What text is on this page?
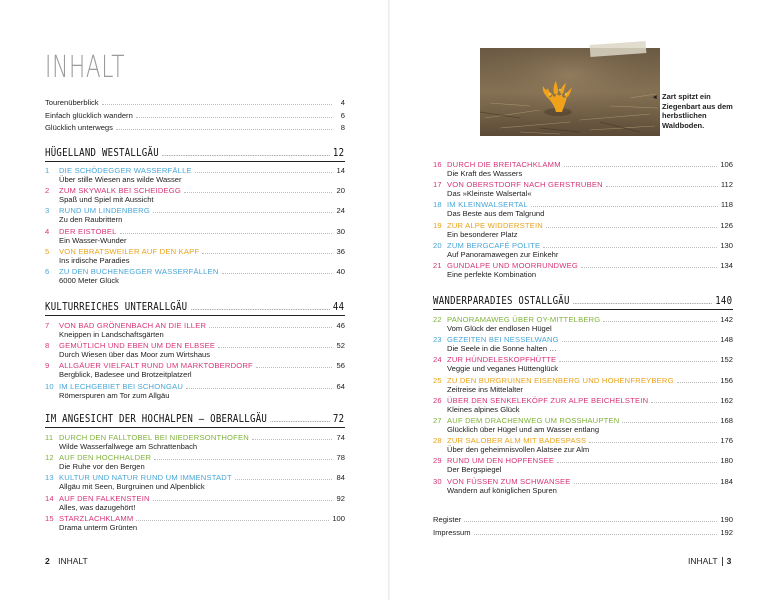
INHALT
Tourenüberblick	4
Einfach glücklich wandern	6
Glücklich unterwegs	8
HÜGELLAND WESTALLGÄU	12
1 DIE SCHÖDEGGER WASSERFÄLLE	14
Über stille Wiesen ans wilde Wasser
2 ZUM SKYWALK BEI SCHEIDEGG	20
Spaß und Spiel mit Aussicht
3 RUND UM LINDENBERG	24
Zu den Raubrittern
4 DER EISTOBEL	30
Ein Wasser-Wunder
5 VON EBRATSWEILER AUF DEN KAPF	36
Ins irdische Paradies
6 ZU DEN BUCHENEGGER WASSERFÄLLEN	40
6000 Meter Glück
KULTURREICHES UNTERALLGÄU	44
7 VON BAD GRÖNENBACH AN DIE ILLER	46
Kneippen in Landschaftsgärten
8 GEMÜTLICH UND EBEN UM DEN ELBSEE	52
Durch Wiesen über das Moor zum Wirtshaus
9 ALLGÄUER VIELFALT RUND UM MARKTOBERDORF	56
Bergblick, Badesee und Brotzeitplatzerl
10 IM LECHGEBIET BEI SCHONGAU	64
Römerspuren am Tor zum Allgäu
IM ANGESICHT DER HOCHALPEN – OBERALLGÄU	72
11 DURCH DEN FALLTOBEL BEI NIEDERSONTHOFEN	74
Wilde Wasserfallwege am Schrattenbach
12 AUF DEN HOCHHALDER	78
Die Ruhe vor den Bergen
13 KULTUR UND NATUR RUND UM IMMENSTADT	84
Allgäu mit Seen, Burgruinen und Alpenblick
14 AUF DEN FALKENSTEIN	92
Alles, was dazugehört!
15 STARZLACHKLAMM	100
Drama unterm Grünten
16 DURCH DIE BREITACHKLAMM	106
Die Kraft des Wassers
17 VON OBERSTDORF NACH GERSTRUBEN	112
Das »Kleinste Walsertal«
18 IM KLEINWALSERTAL	118
Das Beste aus dem Talgrund
19 ZUR ALPE WIDDERSTEIN	126
Ein besonderer Platz
20 ZUM BERGCAFÉ POLITE	130
Auf Panoramawegen zur Einkehr
21 GUNDALPE UND MOORRUNDWEG	134
Eine perfekte Kombination
WANDERPARADIES OSTALLGÄU	140
22 PANORAMAWEG ÜBER OY-MITTELBERG	142
Vom Glück der endlosen Hügel
23 GEZEITEN BEI NESSELWANG	148
Die Seele in die Sonne halten …
24 ZUR HÜNDELESKOPFHÜTTE	152
Veggie und veganes Hüttenglück
25 ZU DEN BURGRUINEN EISENBERG UND HOHENFREYBERG	156
Zeitreise ins Mittelalter
26 ÜBER DEN SENKELEKÖPF ZUR ALPE BEICHELSTEIN	162
Kleines alpines Glück
27 AUF DEM DRACHENWEG UM ROSSHAUPTEN	168
Glücklich über Hügel und am Wasser entlang
28 ZUR SALOBER ALM MIT BADESPASS	176
Über den geheimnisvollen Alatsee zur Alm
29 RUND UM DEN HOPFENSEE	180
Der Bergspiegel
30 VON FÜSSEN ZUM SCHWANSEE	184
Wandern auf königlichen Spuren
Register	190
Impressum	192
◂ Zart spitzt ein Ziegenbart aus dem herbstlichen Waldboden.
2 INHALT	INHALT 3
